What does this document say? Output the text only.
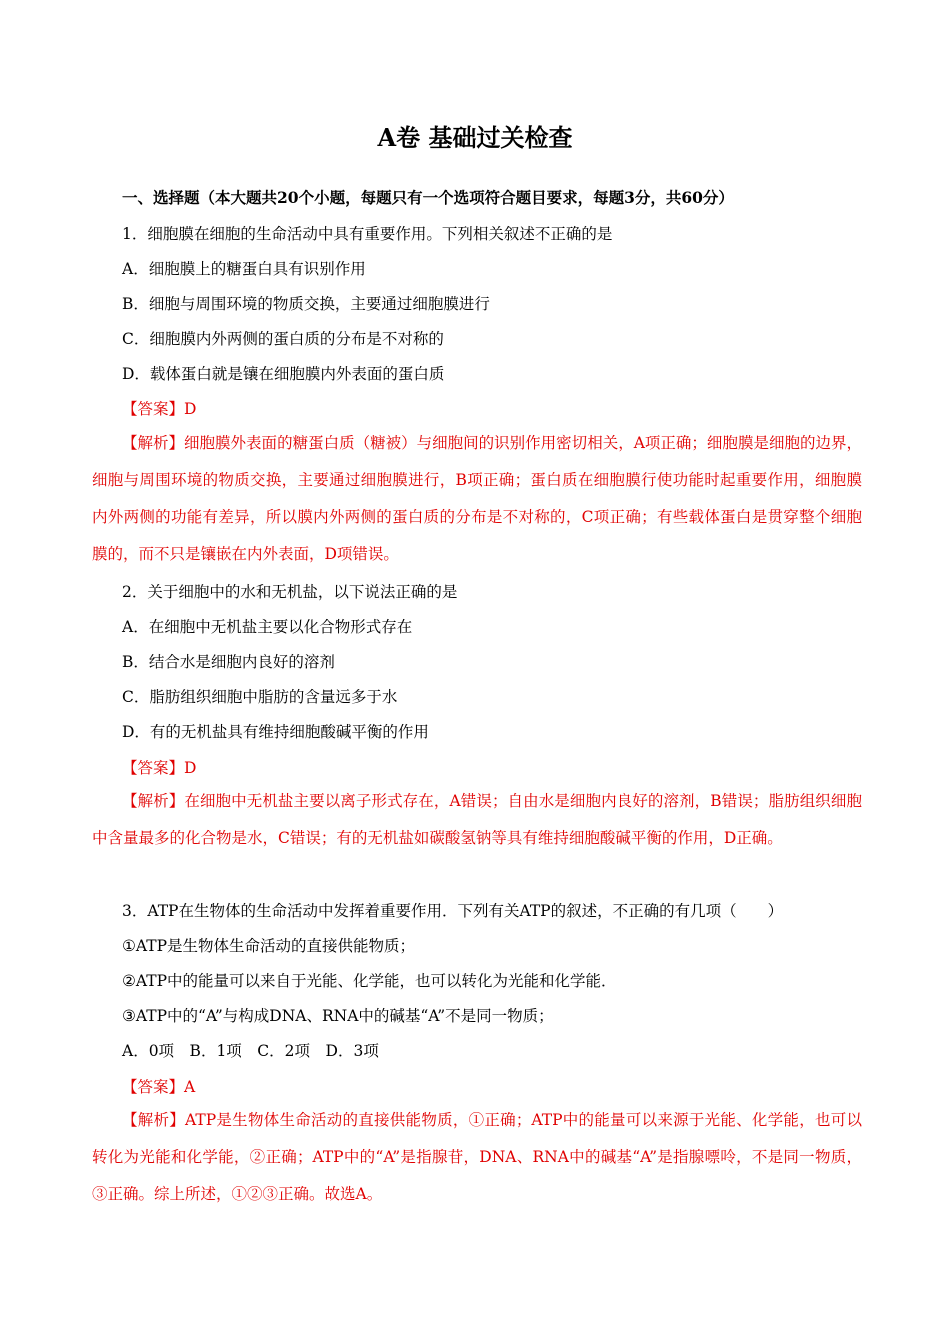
A卷 基础过关检查
一、选择题（本大题共20个小题，每题只有一个选项符合题目要求，每题3分，共60分）
1．细胞膜在细胞的生命活动中具有重要作用。下列相关叙述不正确的是
A．细胞膜上的糖蛋白具有识别作用
B．细胞与周围环境的物质交换，主要通过细胞膜进行
C．细胞膜内外两侧的蛋白质的分布是不对称的
D．载体蛋白就是镶在细胞膜内外表面的蛋白质
【答案】D
【解析】细胞膜外表面的糖蛋白质（糖被）与细胞间的识别作用密切相关，A项正确；细胞膜是细胞的边界，细胞与周围环境的物质交换，主要通过细胞膜进行，B项正确；蛋白质在细胞膜行使功能时起重要作用，细胞膜内外两侧的功能有差异，所以膜内外两侧的蛋白质的分布是不对称的，C项正确；有些载体蛋白是贯穿整个细胞膜的，而不只是镶嵌在内外表面，D项错误。
2．关于细胞中的水和无机盐，以下说法正确的是
A．在细胞中无机盐主要以化合物形式存在
B．结合水是细胞内良好的溶剂
C．脂肪组织细胞中脂肪的含量远多于水
D．有的无机盐具有维持细胞酸碱平衡的作用
【答案】D
【解析】在细胞中无机盐主要以离子形式存在，A错误；自由水是细胞内良好的溶剂，B错误；脂肪组织细胞中含量最多的化合物是水，C错误；有的无机盐如碳酸氢钠等具有维持细胞酸碱平衡的作用，D正确。
3．ATP在生物体的生命活动中发挥着重要作用．下列有关ATP的叙述，不正确的有几项（　　）
①ATP是生物体生命活动的直接供能物质；
②ATP中的能量可以来自于光能、化学能，也可以转化为光能和化学能．
③ATP中的“A”与构成DNA、RNA中的碱基“A”不是同一物质；
A．0项　B．1项　C．2项　D．3项
【答案】A
【解析】ATP是生物体生命活动的直接供能物质，①正确；ATP中的能量可以来源于光能、化学能，也可以转化为光能和化学能，②正确；ATP中的“A”是指腺苷，DNA、RNA中的碱基“A”是指腺嘌呤，不是同一物质，③正确。综上所述，①②③正确。故选A。
